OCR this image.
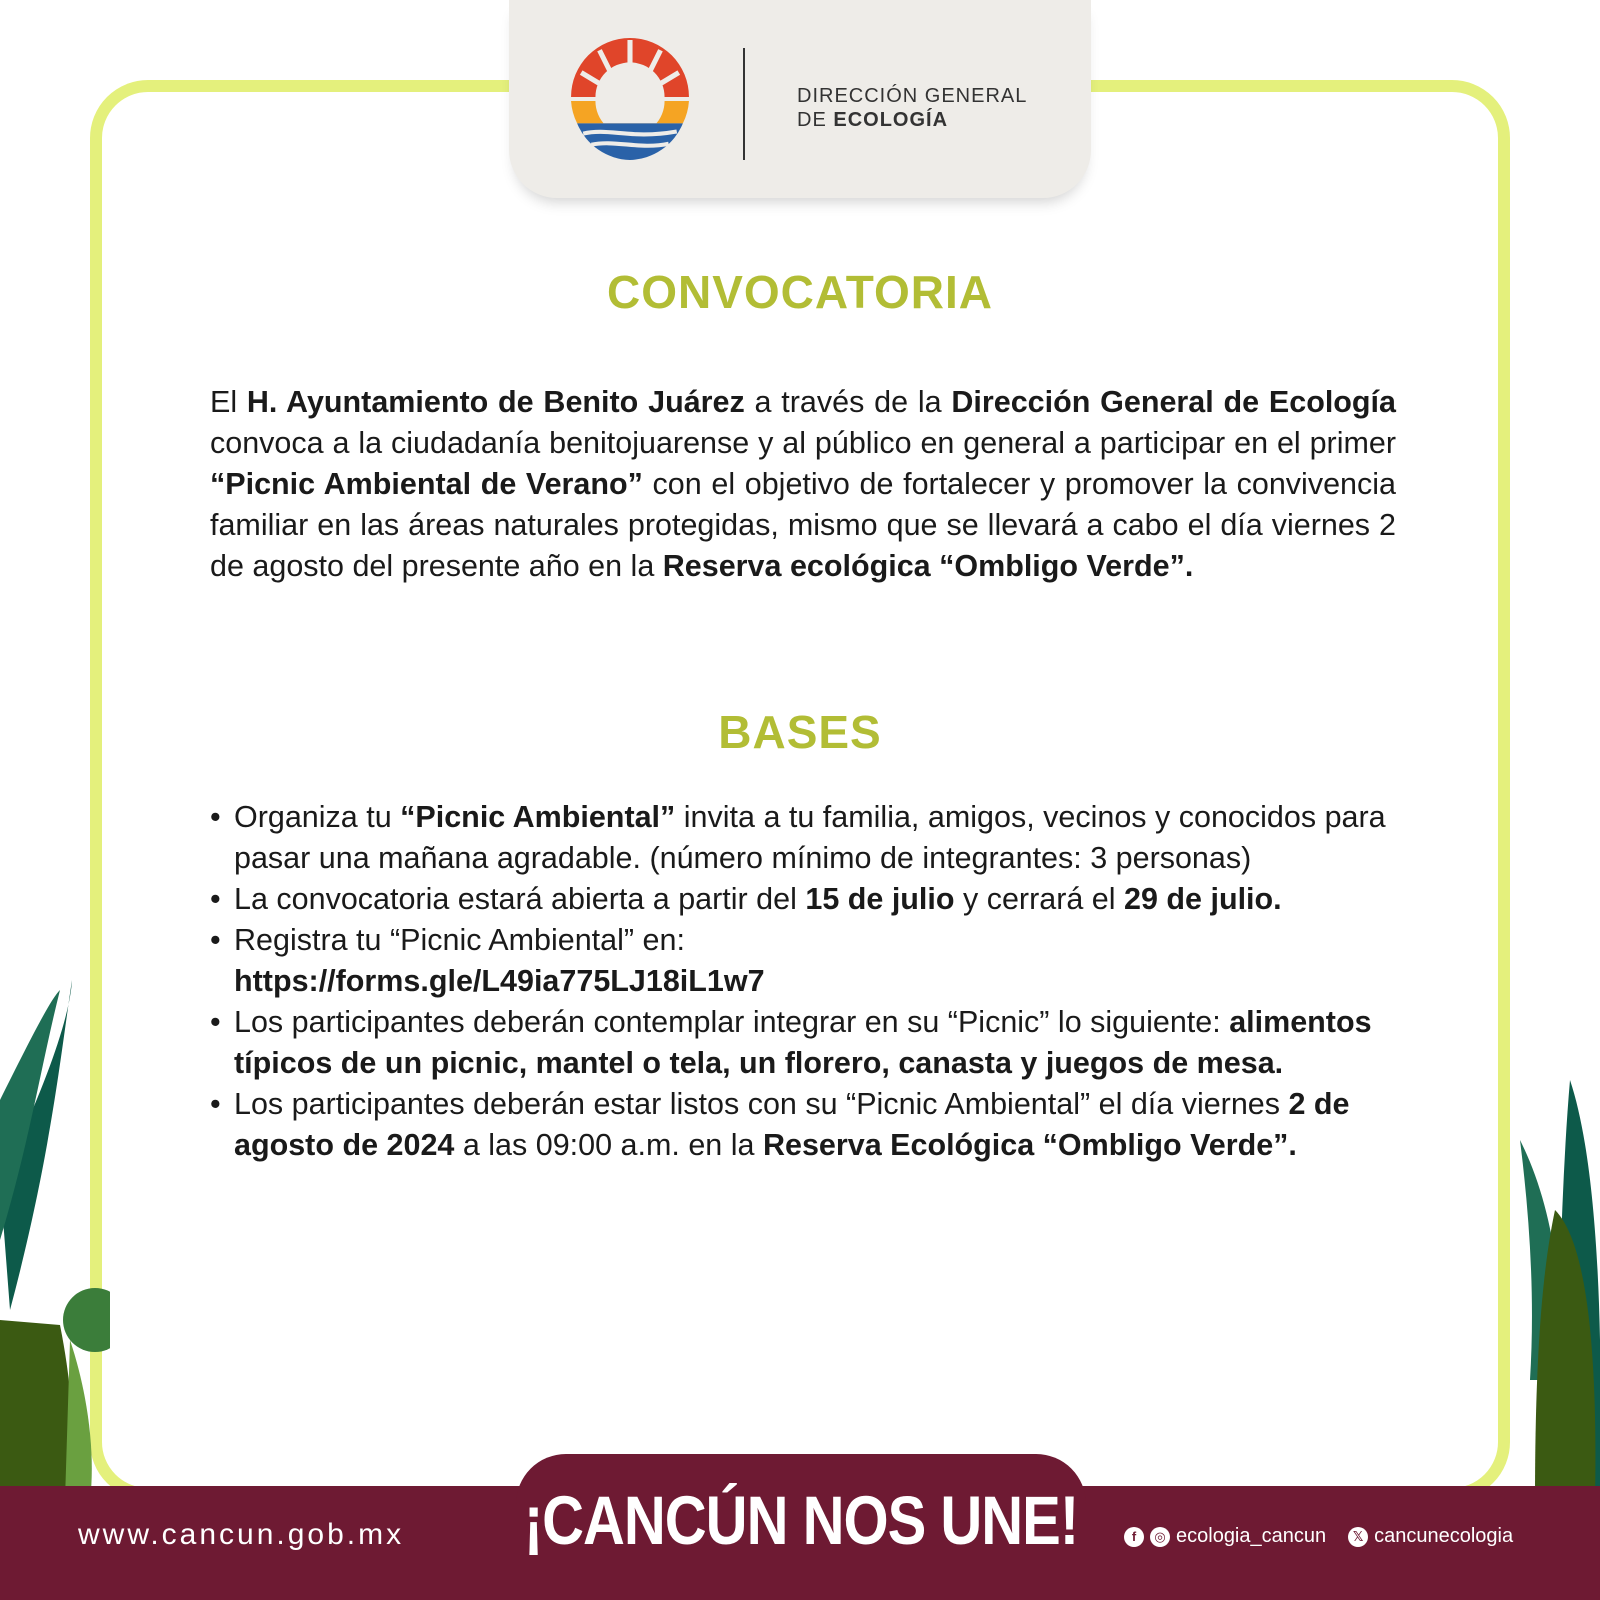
DIRECCIÓN GENERAL
DE ECOLOGÍA
CONVOCATORIA

El H. Ayuntamiento de Benito Juárez a través de la Dirección General de Ecología convoca a la ciudadanía benitojuarense y al público en general a participar en el primer “Picnic Ambiental de Verano” con el objetivo de fortalecer y promover la convivencia familiar en las áreas naturales protegidas, mismo que se llevará a cabo el día viernes 2 de agosto del presente año en la Reserva ecológica “Ombligo Verde”.

BASES
• Organiza tu “Picnic Ambiental” invita a tu familia, amigos, vecinos y conocidos para pasar una mañana agradable. (número mínimo de integrantes: 3 personas)
• La convocatoria estará abierta a partir del 15 de julio y cerrará el 29 de julio.
• Registra tu “Picnic Ambiental” en:
https://forms.gle/L49ia775LJ18iL1w7
• Los participantes deberán contemplar integrar en su “Picnic” lo siguiente: alimentos típicos de un picnic, mantel o tela, un florero, canasta y juegos de mesa.
• Los participantes deberán estar listos con su “Picnic Ambiental” el día viernes 2 de agosto de 2024 a las 09:00 a.m. en la Reserva Ecológica “Ombligo Verde”.
¡CANCÚN NOS UNE!
www.cancun.gob.mx	f	◎ ecologia_cancun	𝕏 cancunecologia
